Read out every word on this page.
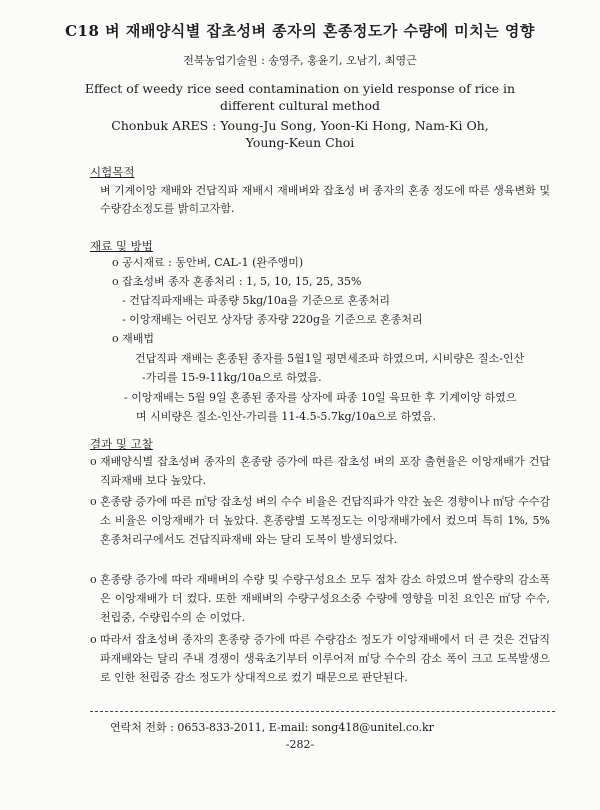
C18 벼 재배양식별 잡초성벼 종자의 혼종정도가 수량에 미치는 영향
전북농업기술원 : 송영주, 홍윤기, 오남기, 최영근
Effect of weedy rice seed contamination on yield response of rice in
different cultural method
Chonbuk ARES : Young-Ju Song, Yoon-Ki Hong, Nam-Ki Oh,
Young-Keun Choi
시험목적
벼 기계이앙 재배와 건답직파 재배시 재배벼와 잡초성 벼 종자의 혼종 정도에 따른 생육변화 및 수량감소정도를 밝히고자함.
재료 및 방법
o 공시재료 : 동안벼, CAL-1 (완주앵미)
o 잡초성벼 종자 혼종처리 : 1, 5, 10, 15, 25, 35%
- 건답직파재배는 파종량 5kg/10a을 기준으로 혼종처리
- 이앙재배는 어린모 상자당 종자량 220g을 기준으로 혼종처리
o 재배법
건답직파 재배는 혼종된 종자를 5월1일 평면세조파 하였으며, 시비량은 질소-인산
-가리를 15-9-11kg/10a으로 하였음.
- 이앙재배는 5월 9일 혼종된 종자를 상자에 파종 10일 육묘한 후 기계이앙 하였으
며 시비량은 질소-인산-가리를 11-4.5-5.7kg/10a으로 하였음.
결과 및 고찰
o 재배양식별 잡초성벼 종자의 혼종량 증가에 따른 잡초성 벼의 포장 출현율은 이앙재배가 건답직파재배 보다 높았다.
o 혼종량 증가에 따른 ㎡당 잡초성 벼의 수수 비율은 건답직파가 약간 높은 경향이나 ㎡당 수수감소 비율은 이앙재배가 더 높았다. 혼종량별 도복정도는 이앙재배가에서 컸으며 특히 1%, 5% 혼종처리구에서도 건답직파재배 와는 달리 도복이 발생되었다.
o 혼종량 증가에 따라 재배벼의 수량 및 수량구성요소 모두 점차 감소 하였으며 쌀수량의 감소폭은 이앙재배가 더 컸다. 또한 재배벼의 수량구성요소중 수량에 영향을 미친 요인은 ㎡당 수수, 천립중, 수량립수의 순 이었다.
o 따라서 잡초성벼 종자의 혼종량 증가에 따른 수량감소 정도가 이앙재배에서 더 큰 것은 건답직파재배와는 달리 주내 경쟁이 생육초기부터 이루어져 ㎡당 수수의 감소 폭이 크고 도복발생으로 인한 천립중 감소 정도가 상대적으로 컸기 때문으로 판단된다.
연락처 전화 : 0653-833-2011, E-mail: song418@unitel.co.kr
-282-
